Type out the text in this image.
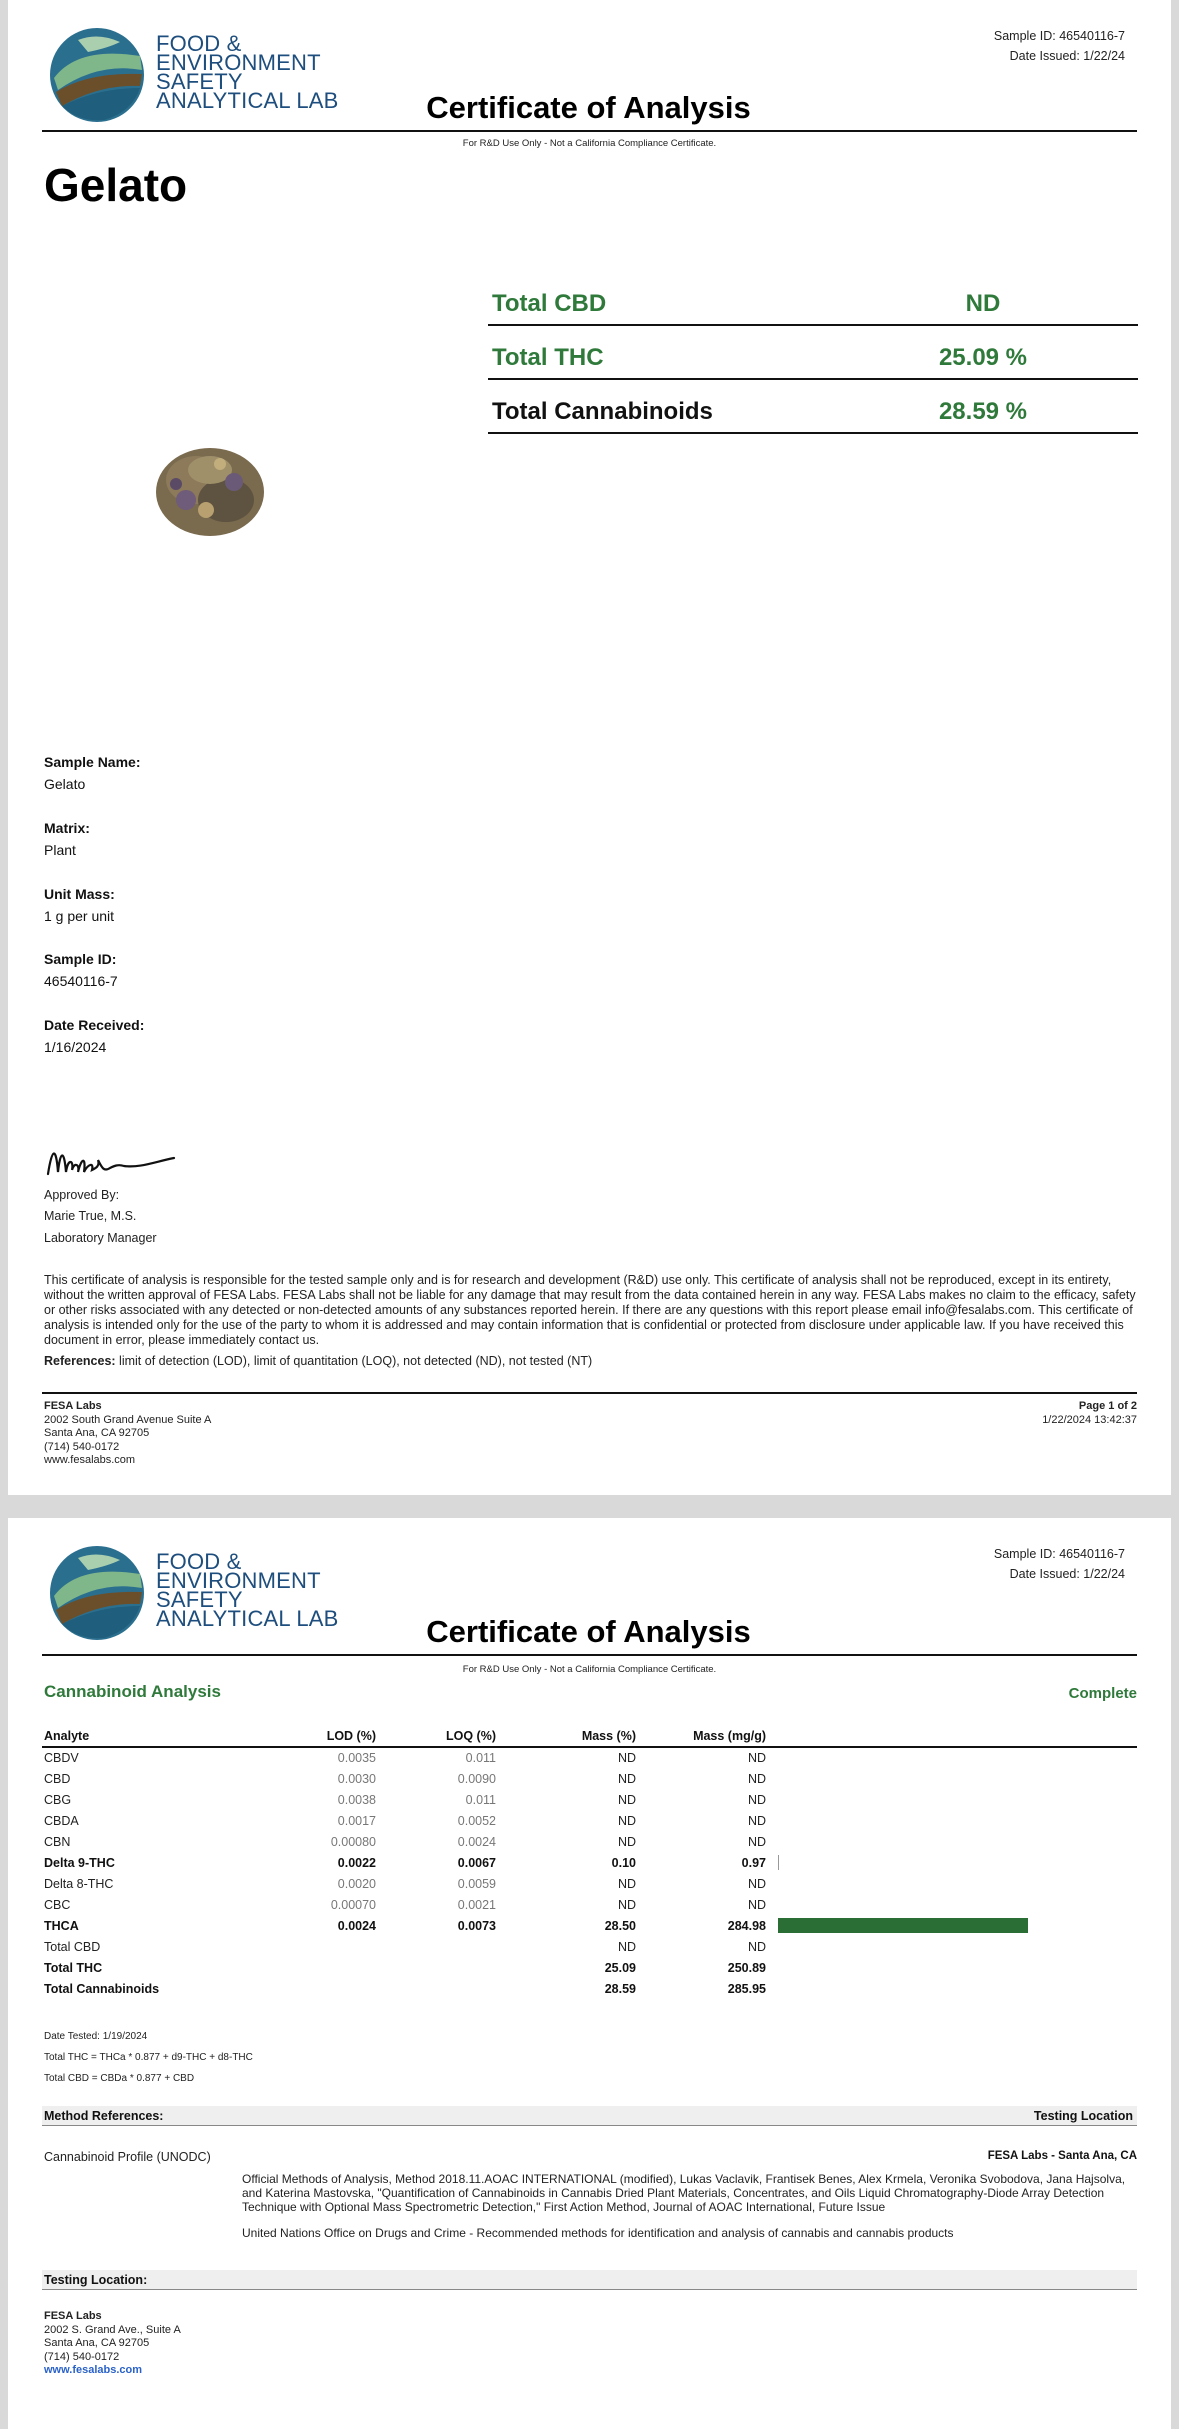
FOOD &
ENVIRONMENT
SAFETY
ANALYTICAL LAB
Sample ID: 46540116-7
Date Issued: 1/22/24
Certificate of Analysis
For R&D Use Only - Not a California Compliance Certificate.
Gelato
Total CBD	ND
Total THC	25.09 %
Total Cannabinoids	28.59 %
Sample Name:
Gelato
Matrix:
Plant
Unit Mass:
1 g per unit
Sample ID:
46540116-7
Date Received:
1/16/2024
Approved By:
Marie True, M.S.
Laboratory Manager
This certificate of analysis is responsible for the tested sample only and is for research and development (R&D) use only. This certificate of analysis shall not be reproduced, except in its entirety, without the written approval of FESA Labs. FESA Labs shall not be liable for any damage that may result from the data contained herein in any way. FESA Labs makes no claim to the efficacy, safety or other risks associated with any detected or non-detected amounts of any substances reported herein. If there are any questions with this report please email info@fesalabs.com. This certificate of analysis is intended only for the use of the party to whom it is addressed and may contain information that is confidential or protected from disclosure under applicable law. If you have received this document in error, please immediately contact us.
References: limit of detection (LOD), limit of quantitation (LOQ), not detected (ND), not tested (NT)
FESA Labs
2002 South Grand Avenue Suite A
Santa Ana, CA 92705
(714) 540-0172
www.fesalabs.com
Page 1 of 2
1/22/2024 13:42:37
FOOD &
ENVIRONMENT
SAFETY
ANALYTICAL LAB
Sample ID: 46540116-7
Date Issued: 1/22/24
Certificate of Analysis
For R&D Use Only - Not a California Compliance Certificate.
Cannabinoid Analysis	Complete
Analyte	LOD (%)	LOQ (%)	Mass (%)	Mass (mg/g)	
CBDV	0.0035	0.011	ND	ND	
CBD	0.0030	0.0090	ND	ND	
CBG	0.0038	0.011	ND	ND	
CBDA	0.0017	0.0052	ND	ND	
CBN	0.00080	0.0024	ND	ND	
Delta 9-THC	0.0022	0.0067	0.10	0.97	

Delta 8-THC	0.0020	0.0059	ND	ND	
CBC	0.00070	0.0021	ND	ND	
THCA	0.0024	0.0073	28.50	284.98	

Total CBD			ND	ND	
Total THC			25.09	250.89	
Total Cannabinoids			28.59	285.95	
Date Tested: 1/19/2024
Total THC = THCa * 0.877 + d9-THC + d8-THC
Total CBD = CBDa * 0.877 + CBD
Method References:	Testing Location
Cannabinoid Profile (UNODC)	FESA Labs - Santa Ana, CA
Official Methods of Analysis, Method 2018.11.AOAC INTERNATIONAL (modified), Lukas Vaclavik, Frantisek Benes, Alex Krmela, Veronika Svobodova, Jana Hajsolva, and Katerina Mastovska, "Quantification of Cannabinoids in Cannabis Dried Plant Materials, Concentrates, and Oils Liquid Chromatography-Diode Array Detection Technique with Optional Mass Spectrometric Detection," First Action Method, Journal of AOAC International, Future Issue
United Nations Office on Drugs and Crime - Recommended methods for identification and analysis of cannabis and cannabis products
Testing Location:
FESA Labs
2002 S. Grand Ave., Suite A
Santa Ana, CA 92705
(714) 540-0172
www.fesalabs.com
